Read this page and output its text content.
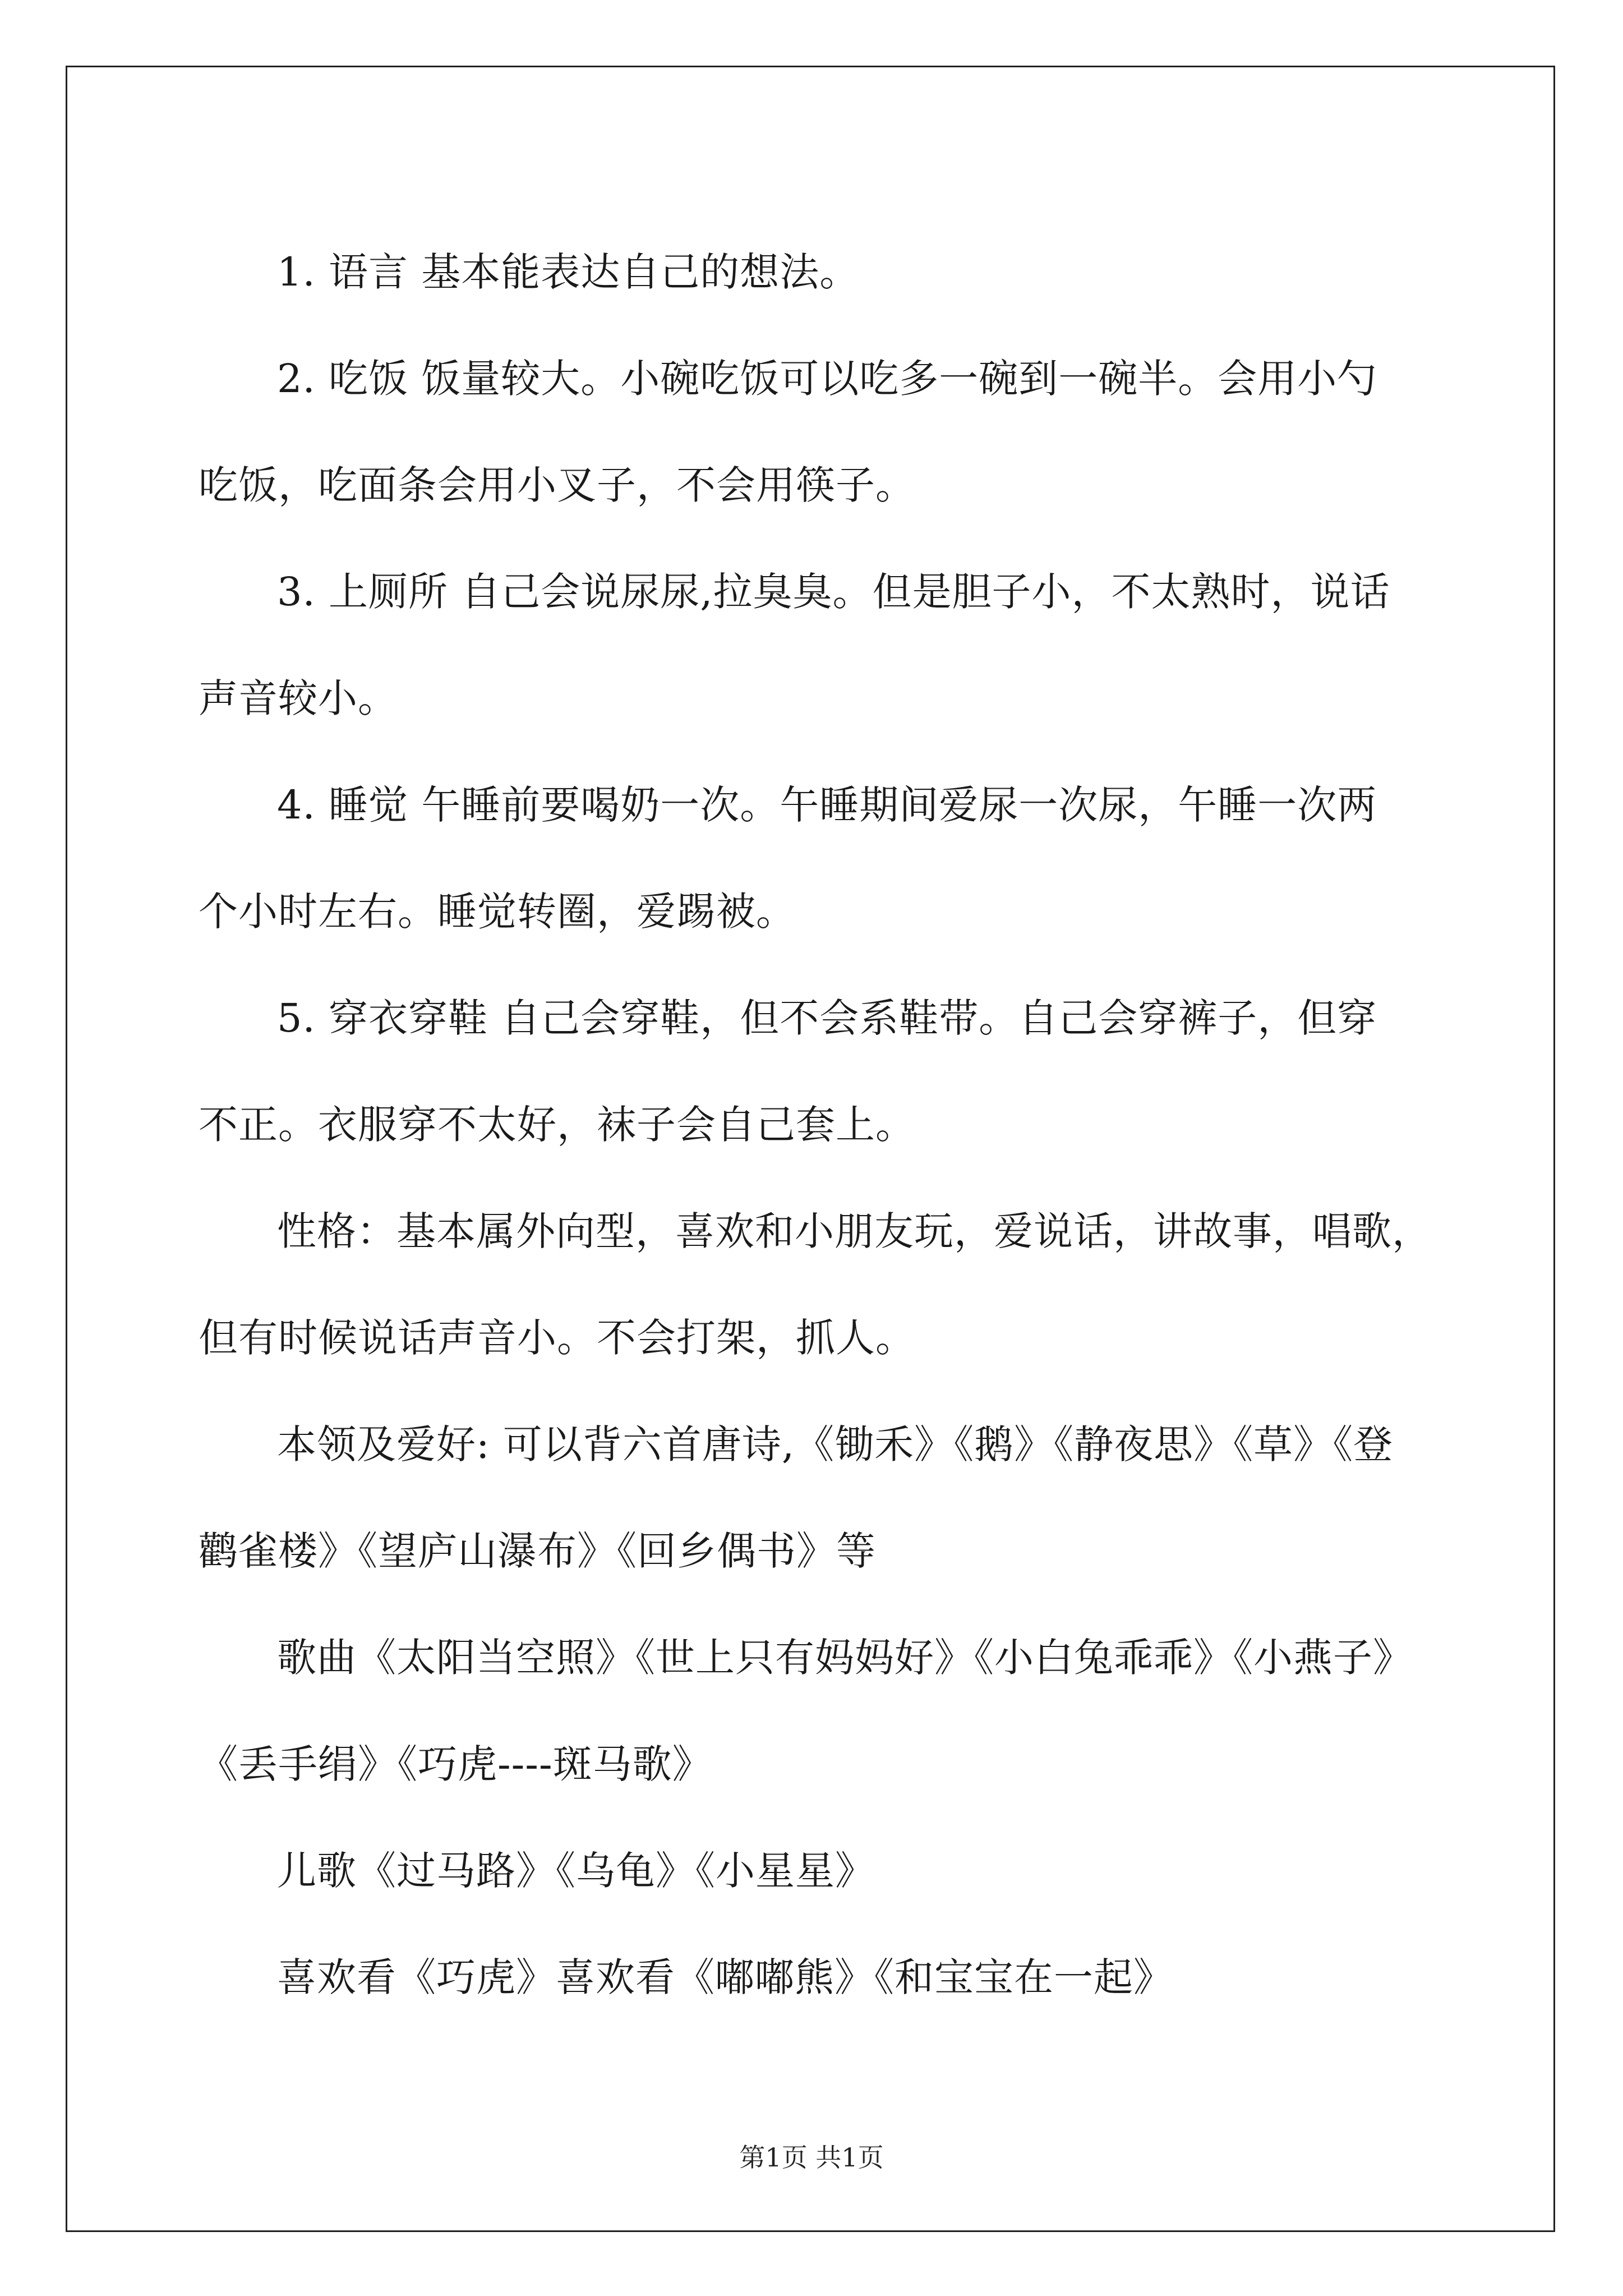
1. 语言 基本能表达自己的想法。

2. 吃饭 饭量较大。小碗吃饭可以吃多一碗到一碗半。会用小勺
吃饭，吃面条会用小叉子，不会用筷子。

3. 上厕所 自己会说尿尿,拉臭臭。但是胆子小，不太熟时，说话
声音较小。

4. 睡觉 午睡前要喝奶一次。午睡期间爱尿一次尿，午睡一次两
个小时左右。睡觉转圈，爱踢被。

5. 穿衣穿鞋 自己会穿鞋，但不会系鞋带。自己会穿裤子，但穿
不正。衣服穿不太好，袜子会自己套上。

性格：基本属外向型，喜欢和小朋友玩，爱说话，讲故事，唱歌，
但有时候说话声音小。不会打架，抓人。

本领及爱好: 可以背六首唐诗,《锄禾》《鹅》《静夜思》《草》《登
鹳雀楼》《望庐山瀑布》《回乡偶书》等

歌曲《太阳当空照》《世上只有妈妈好》《小白兔乖乖》《小燕子》
《丢手绢》《巧虎----斑马歌》

儿歌《过马路》《乌龟》《小星星》

喜欢看《巧虎》喜欢看《嘟嘟熊》《和宝宝在一起》

第1页 共1页
